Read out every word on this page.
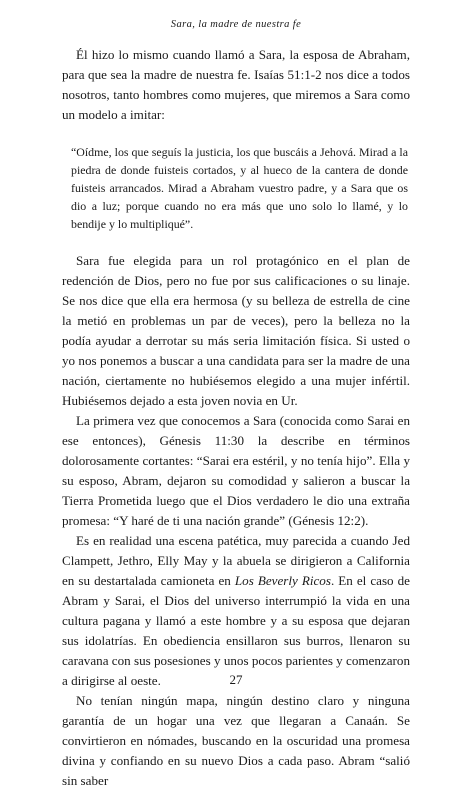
Sara, la madre de nuestra fe

Él hizo lo mismo cuando llamó a Sara, la esposa de Abraham, para que sea la madre de nuestra fe. Isaías 51:1-2 nos dice a todos nosotros, tanto hombres como mujeres, que miremos a Sara como un modelo a imitar:

“Oídme, los que seguís la justicia, los que buscáis a Jehová. Mirad a la piedra de donde fuisteis cortados, y al hueco de la cantera de donde fuisteis arrancados. Mirad a Abraham vuestro padre, y a Sara que os dio a luz; porque cuando no era más que uno solo lo llamé, y lo bendije y lo multipliqué”.

Sara fue elegida para un rol protagónico en el plan de redención de Dios, pero no fue por sus calificaciones o su linaje. Se nos dice que ella era hermosa (y su belleza de estrella de cine la metió en problemas un par de veces), pero la belleza no la podía ayudar a derrotar su más seria limitación física. Si usted o yo nos ponemos a buscar a una candidata para ser la madre de una nación, ciertamente no hubiésemos elegido a una mujer infértil. Hubiésemos dejado a esta joven novia en Ur.

La primera vez que conocemos a Sara (conocida como Sarai en ese entonces), Génesis 11:30 la describe en términos dolorosamente cortantes: “Sarai era estéril, y no tenía hijo”. Ella y su esposo, Abram, dejaron su comodidad y salieron a buscar la Tierra Prometida luego que el Dios verdadero le dio una extraña promesa: “Y haré de ti una nación grande” (Génesis 12:2).

Es en realidad una escena patética, muy parecida a cuando Jed Clampett, Jethro, Elly May y la abuela se dirigieron a California en su destartalada camioneta en Los Beverly Ricos. En el caso de Abram y Sarai, el Dios del universo interrumpió la vida en una cultura pagana y llamó a este hombre y a su esposa que dejaran sus idolatrías. En obediencia ensillaron sus burros, llenaron su caravana con sus posesiones y unos pocos parientes y comenzaron a dirigirse al oeste.

No tenían ningún mapa, ningún destino claro y ninguna garantía de un hogar una vez que llegaran a Canaán. Se convirtieron en nómades, buscando en la oscuridad una promesa divina y confiando en su nuevo Dios a cada paso. Abram “salió sin saber

27
